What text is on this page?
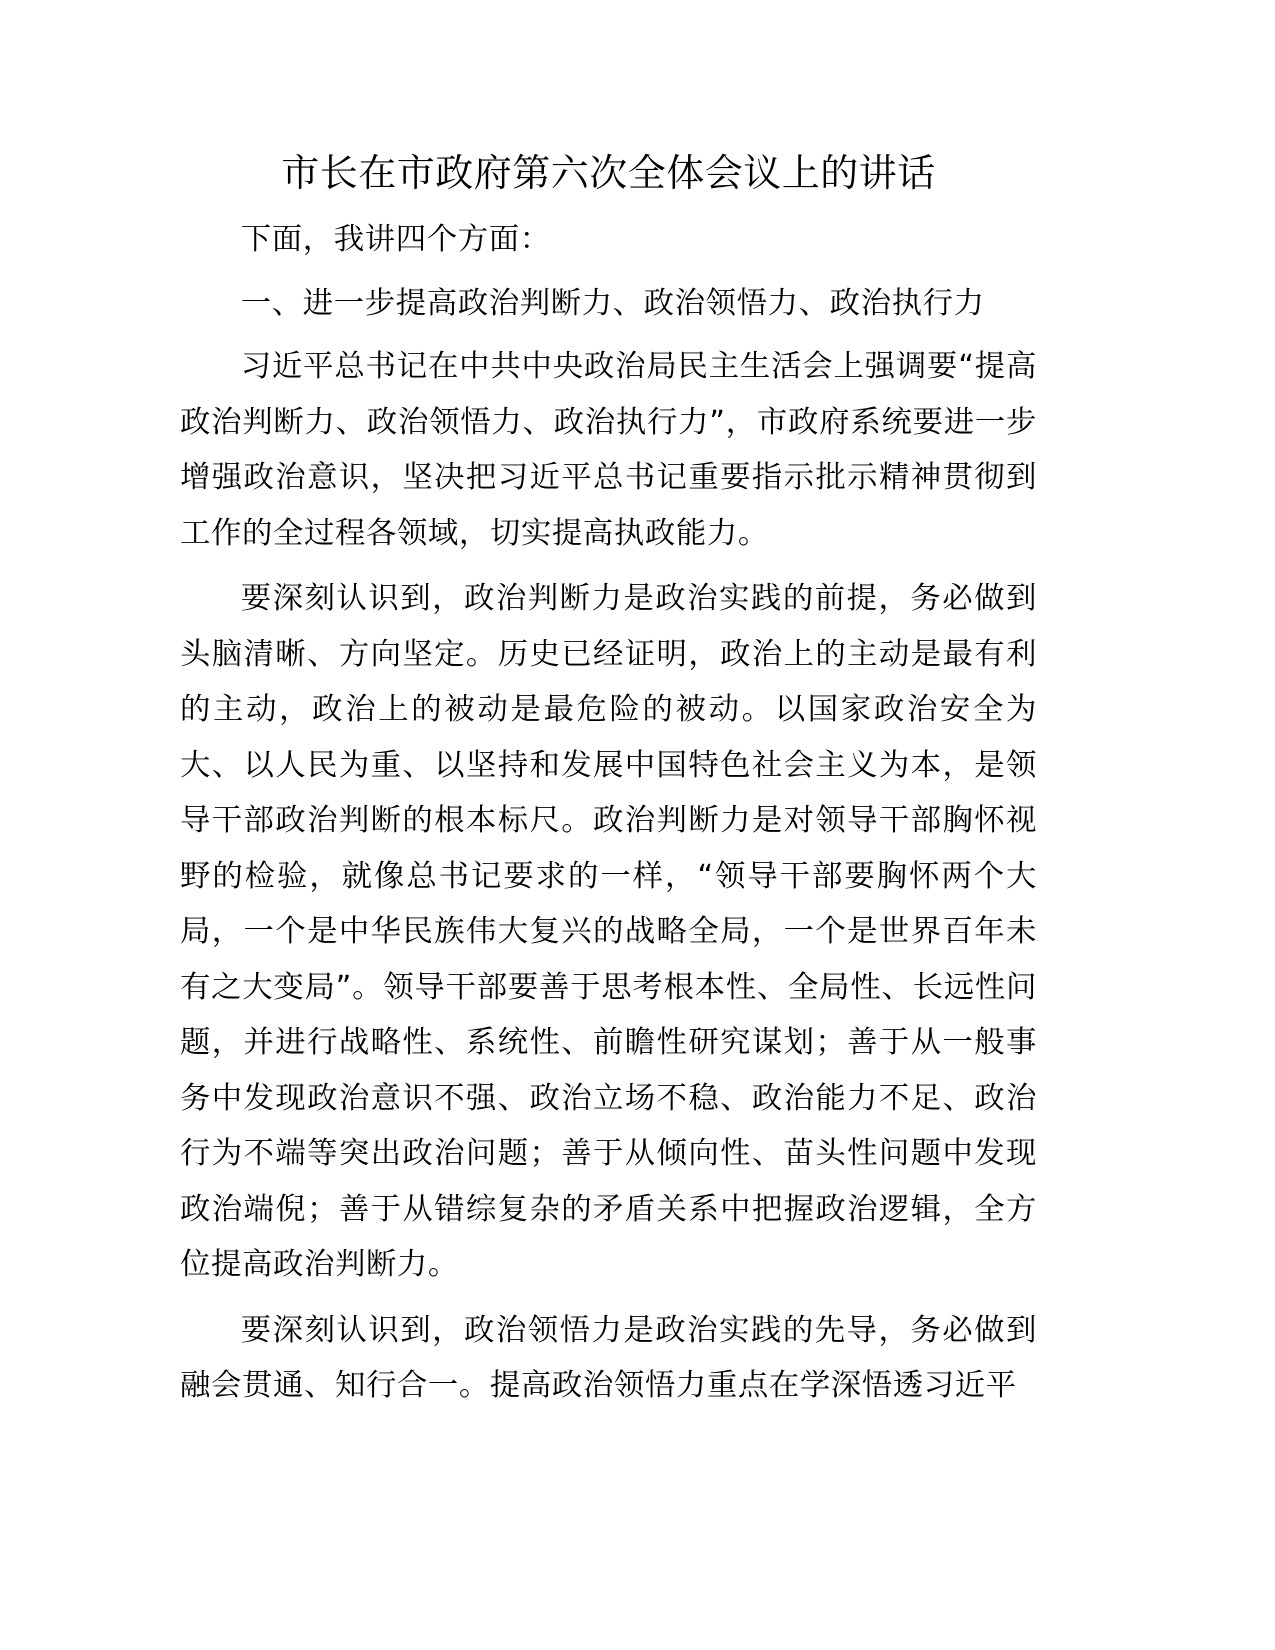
市长在市政府第六次全体会议上的讲话

下面，我讲四个方面：

一、进一步提高政治判断力、政治领悟力、政治执行力

习近平总书记在中共中央政治局民主生活会上强调要“提高政治判断力、政治领悟力、政治执行力”，市政府系统要进一步增强政治意识，坚决把习近平总书记重要指示批示精神贯彻到工作的全过程各领域，切实提高执政能力。

要深刻认识到，政治判断力是政治实践的前提，务必做到头脑清晰、方向坚定。历史已经证明，政治上的主动是最有利的主动，政治上的被动是最危险的被动。以国家政治安全为大、以人民为重、以坚持和发展中国特色社会主义为本，是领导干部政治判断的根本标尺。政治判断力是对领导干部胸怀视野的检验，就像总书记要求的一样，“领导干部要胸怀两个大局，一个是中华民族伟大复兴的战略全局，一个是世界百年未有之大变局”。领导干部要善于思考根本性、全局性、长远性问题，并进行战略性、系统性、前瞻性研究谋划；善于从一般事务中发现政治意识不强、政治立场不稳、政治能力不足、政治行为不端等突出政治问题；善于从倾向性、苗头性问题中发现政治端倪；善于从错综复杂的矛盾关系中把握政治逻辑，全方位提高政治判断力。

要深刻认识到，政治领悟力是政治实践的先导，务必做到融会贯通、知行合一。提高政治领悟力重点在学深悟透习近平
